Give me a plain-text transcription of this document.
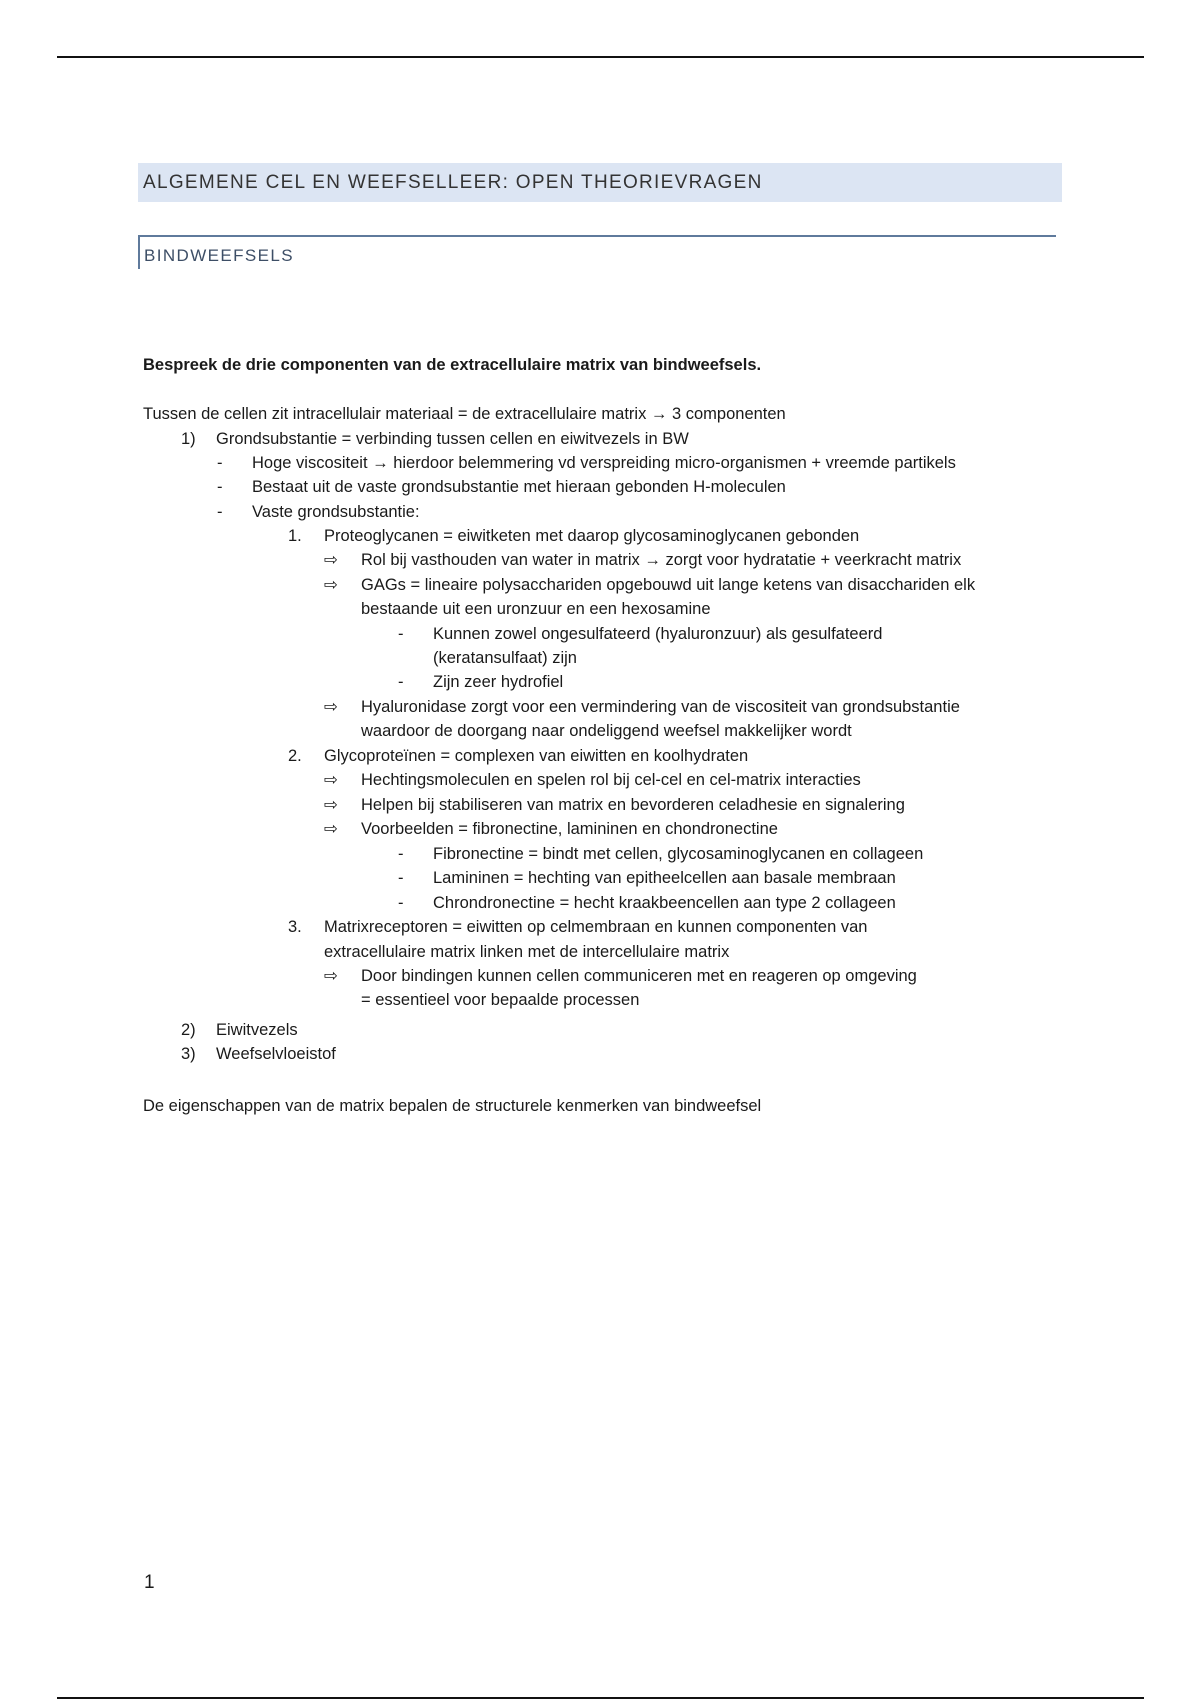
ALGEMENE CEL EN WEEFSELLEER: OPEN THEORIEVRAGEN
BINDWEEFSELS
Bespreek de drie componenten van de extracellulaire matrix van bindweefsels.
Tussen de cellen zit intracellulair materiaal = de extracellulaire matrix → 3 componenten
1) Grondsubstantie = verbinding tussen cellen en eiwitvezels in BW
- Hoge viscositeit → hierdoor belemmering vd verspreiding micro-organismen + vreemde partikels
- Bestaat uit de vaste grondsubstantie met hieraan gebonden H-moleculen
- Vaste grondsubstantie:
1. Proteoglycanen = eiwitketen met daarop glycosaminoglycanen gebonden
⇨ Rol bij vasthouden van water in matrix → zorgt voor hydratatie + veerkracht matrix
⇨ GAGs = lineaire polysacchariden opgebouwd uit lange ketens van disacchariden elk
bestaande uit een uronzuur en een hexosamine
- Kunnen zowel ongesulfateerd (hyaluronzuur) als gesulfateerd
(keratansulfaat) zijn
- Zijn zeer hydrofiel
⇨ Hyaluronidase zorgt voor een vermindering van de viscositeit van grondsubstantie
waardoor de doorgang naar ondeliggend weefsel makkelijker wordt
2. Glycoproteïnen = complexen van eiwitten en koolhydraten
⇨ Hechtingsmoleculen en spelen rol bij cel-cel en cel-matrix interacties
⇨ Helpen bij stabiliseren van matrix en bevorderen celadhesie en signalering
⇨ Voorbeelden = fibronectine, lamininen en chondronectine
- Fibronectine = bindt met cellen, glycosaminoglycanen en collageen
- Lamininen = hechting van epitheelcellen aan basale membraan
- Chrondronectine = hecht kraakbeencellen aan type 2 collageen
3. Matrixreceptoren = eiwitten op celmembraan en kunnen componenten van
extracellulaire matrix linken met de intercellulaire matrix
⇨ Door bindingen kunnen cellen communiceren met en reageren op omgeving
= essentieel voor bepaalde processen
2) Eiwitvezels
3) Weefselvloeistof
De eigenschappen van de matrix bepalen de structurele kenmerken van bindweefsel
1
